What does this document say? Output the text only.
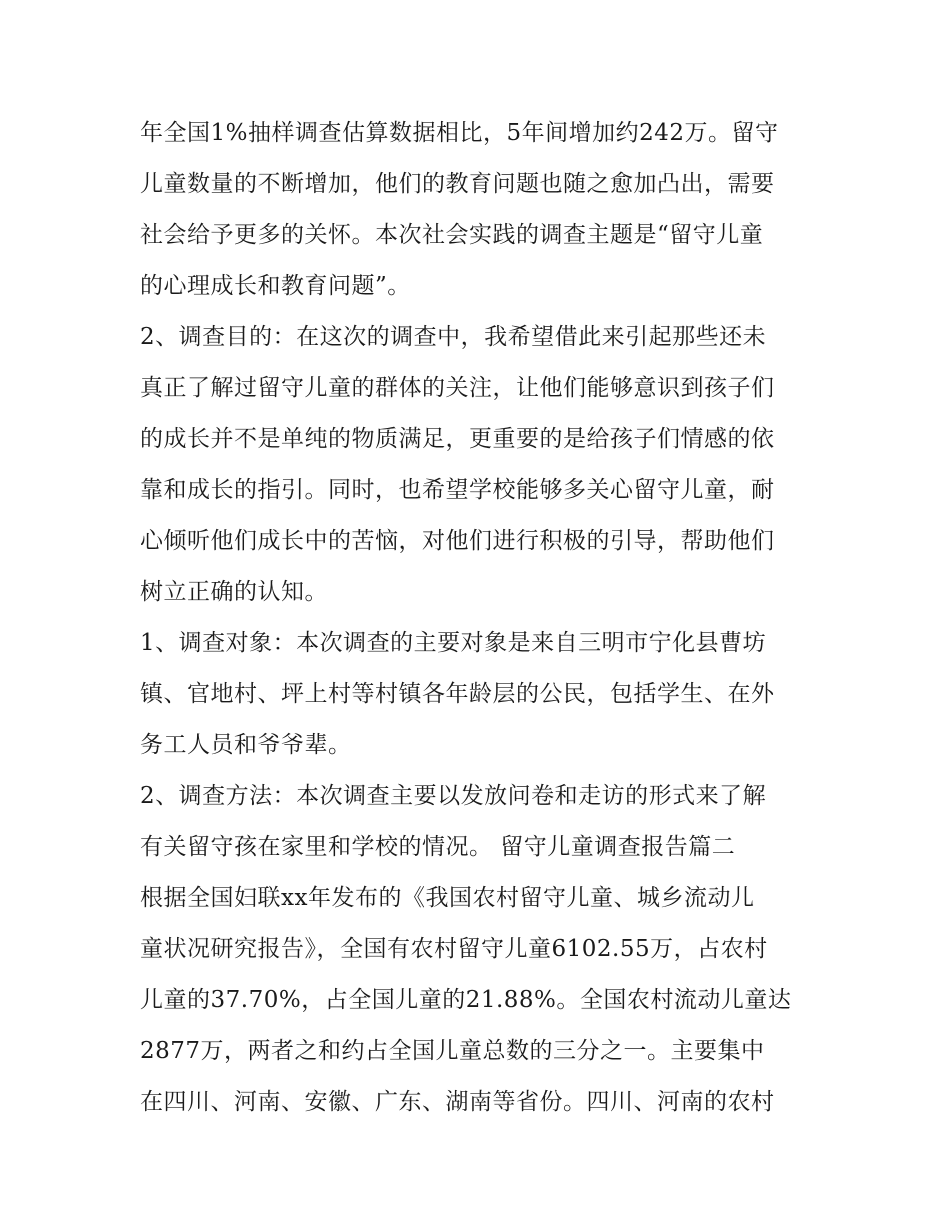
年全国1%抽样调查估算数据相比，5年间增加约242万。留守
儿童数量的不断增加，他们的教育问题也随之愈加凸出，需要
社会给予更多的关怀。本次社会实践的调查主题是“留守儿童
的心理成长和教育问题”。
2、调查目的：在这次的调查中，我希望借此来引起那些还未
真正了解过留守儿童的群体的关注，让他们能够意识到孩子们
的成长并不是单纯的物质满足，更重要的是给孩子们情感的依
靠和成长的指引。同时，也希望学校能够多关心留守儿童，耐
心倾听他们成长中的苦恼，对他们进行积极的引导，帮助他们
树立正确的认知。
1、调查对象：本次调查的主要对象是来自三明市宁化县曹坊
镇、官地村、坪上村等村镇各年龄层的公民，包括学生、在外
务工人员和爷爷辈。
2、调查方法：本次调查主要以发放问卷和走访的形式来了解
有关留守孩在家里和学校的情况。 留守儿童调查报告篇二
根据全国妇联xx年发布的《我国农村留守儿童、城乡流动儿
童状况研究报告》，全国有农村留守儿童6102.55万，占农村
儿童的37.70%，占全国儿童的21.88%。全国农村流动儿童达
2877万，两者之和约占全国儿童总数的三分之一。主要集中
在四川、河南、安徽、广东、湖南等省份。四川、河南的农村
